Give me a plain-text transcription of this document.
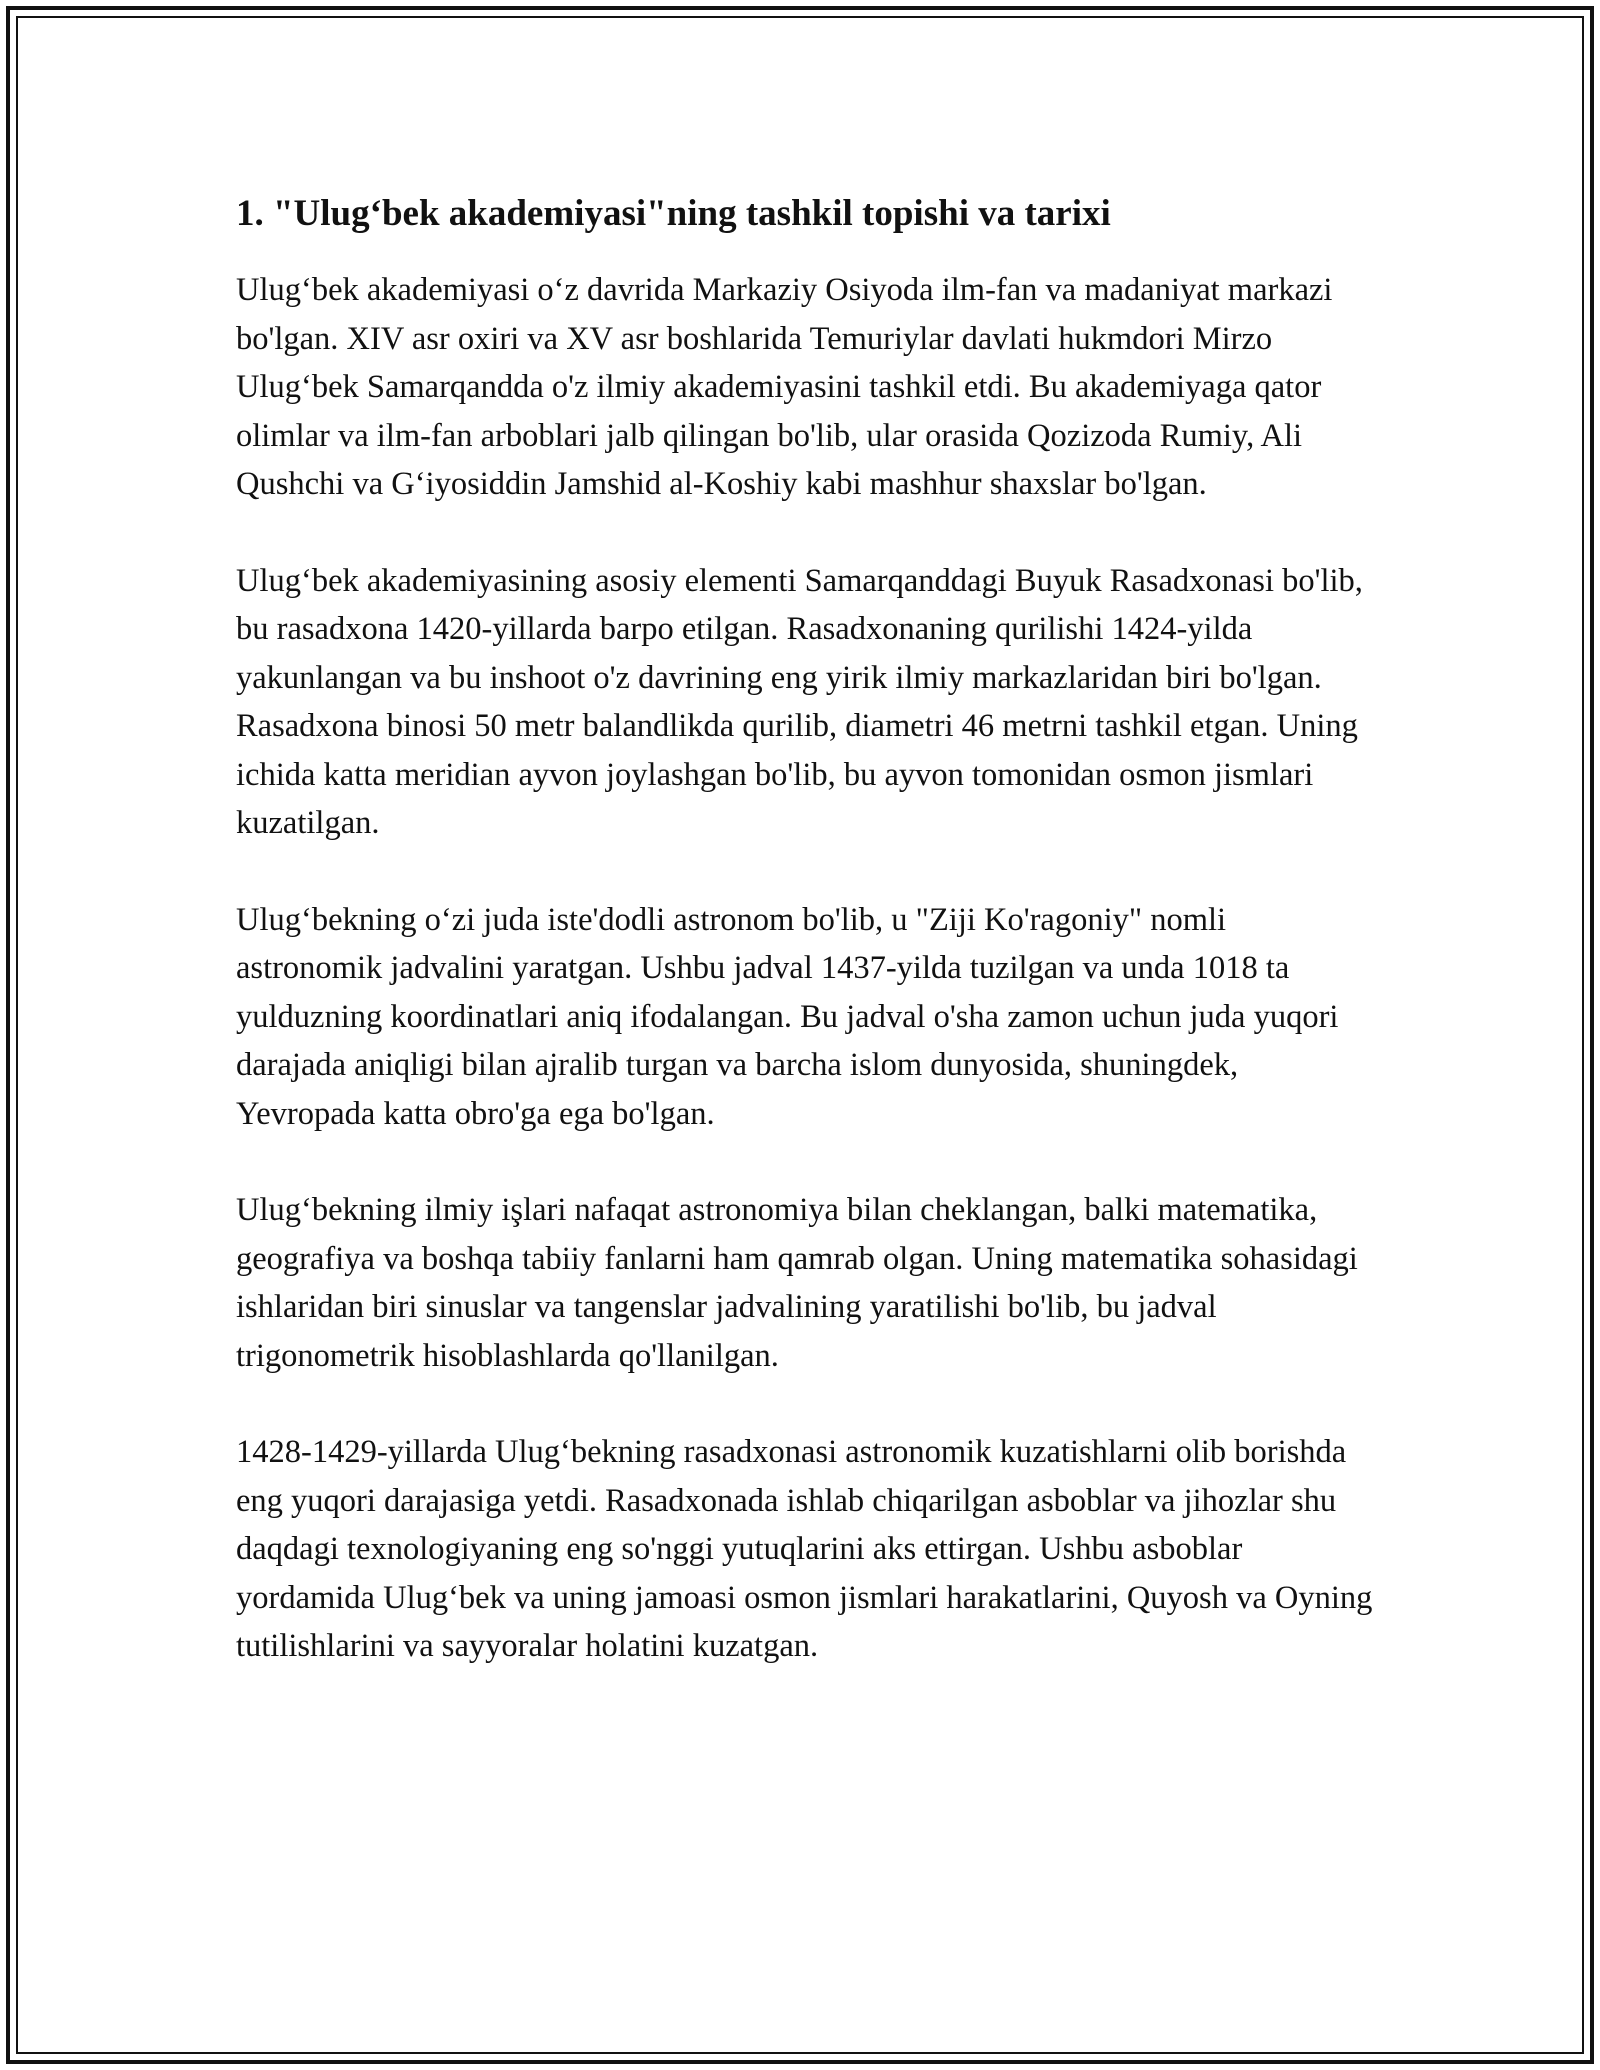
1. "Ulug‘bek akademiyasi"ning tashkil topishi va tarixi

Ulug‘bek akademiyasi o‘z davrida Markaziy Osiyoda ilm-fan va madaniyat markazi bo'lgan. XIV asr oxiri va XV asr boshlarida Temuriylar davlati hukmdori Mirzo Ulug‘bek Samarqandda o'z ilmiy akademiyasini tashkil etdi. Bu akademiyaga qator olimlar va ilm-fan arboblari jalb qilingan bo'lib, ular orasida Qozizoda Rumiy, Ali Qushchi va G‘iyosiddin Jamshid al-Koshiy kabi mashhur shaxslar bo'lgan.

Ulug‘bek akademiyasining asosiy elementi Samarqanddagi Buyuk Rasadxonasi bo'lib, bu rasadxona 1420-yillarda barpo etilgan. Rasadxonaning qurilishi 1424-yilda yakunlangan va bu inshoot o'z davrining eng yirik ilmiy markazlaridan biri bo'lgan. Rasadxona binosi 50 metr balandlikda qurilib, diametri 46 metrni tashkil etgan. Uning ichida katta meridian ayvon joylashgan bo'lib, bu ayvon tomonidan osmon jismlari kuzatilgan.

Ulug‘bekning o‘zi juda iste'dodli astronom bo'lib, u "Ziji Ko'ragoniy" nomli astronomik jadvalini yaratgan. Ushbu jadval 1437-yilda tuzilgan va unda 1018 ta yulduzning koordinatlari aniq ifodalangan. Bu jadval o'sha zamon uchun juda yuqori darajada aniqligi bilan ajralib turgan va barcha islom dunyosida, shuningdek, Yevropada katta obro'ga ega bo'lgan.

Ulug‘bekning ilmiy işlari nafaqat astronomiya bilan cheklangan, balki matematika, geografiya va boshqa tabiiy fanlarni ham qamrab olgan. Uning matematika sohasidagi ishlaridan biri sinuslar va tangenslar jadvalining yaratilishi bo'lib, bu jadval trigonometrik hisoblashlarda qo'llanilgan.

1428-1429-yillarda Ulug‘bekning rasadxonasi astronomik kuzatishlarni olib borishda eng yuqori darajasiga yetdi. Rasadxonada ishlab chiqarilgan asboblar va jihozlar shu daqdagi texnologiyaning eng so'nggi yutuqlarini aks ettirgan. Ushbu asboblar yordamida Ulug‘bek va uning jamoasi osmon jismlari harakatlarini, Quyosh va Oyning tutilishlarini va sayyoralar holatini kuzatgan.
